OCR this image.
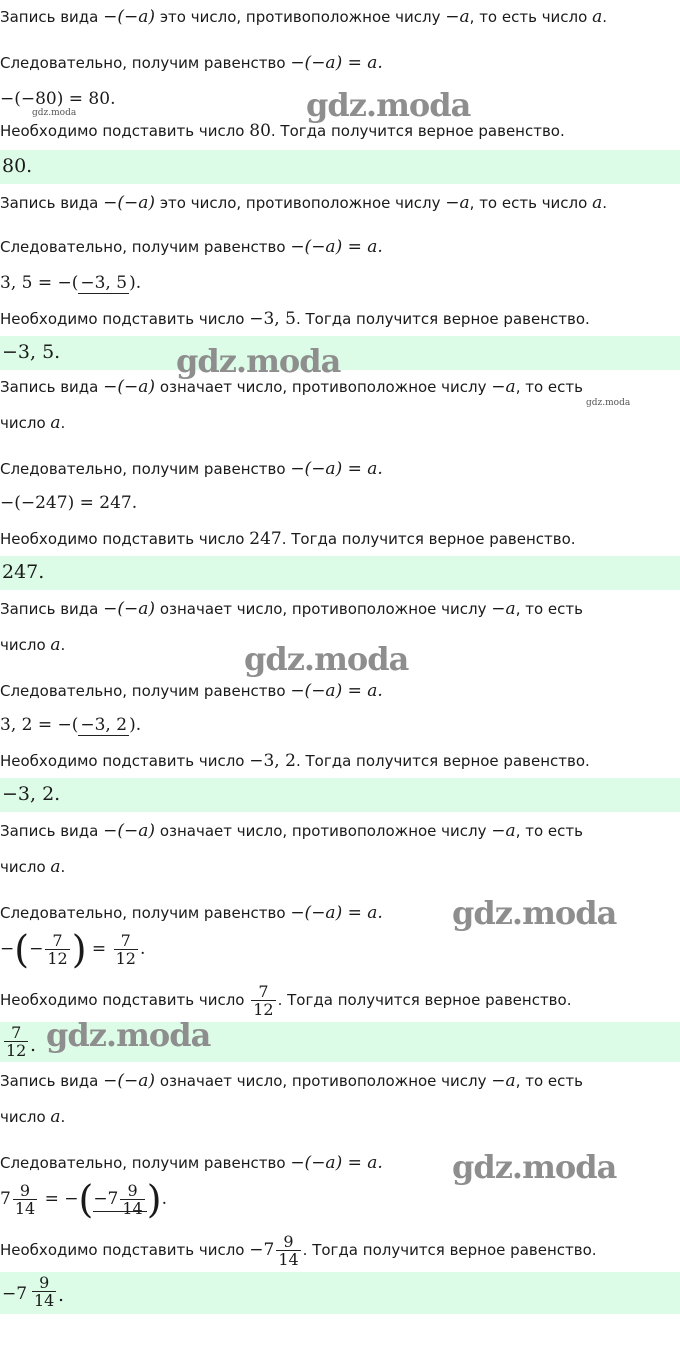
Запись вида −(−a) это число, противоположное числу −a, то есть число a.
Следовательно, получим равенство −(−a) = a.
−(−80) = 80.
Необходимо подставить число 80. Тогда получится верное равенство.
80.
Запись вида −(−a) это число, противоположное числу −a, то есть число a.
Следовательно, получим равенство −(−a) = a.
3, 5 = −( −3, 5 ).
Необходимо подставить число −3, 5. Тогда получится верное равенство.
−3, 5.
Запись вида −(−a) означает число, противоположное числу −a, то есть
число a.
Следовательно, получим равенство −(−a) = a.
−(−247) = 247.
Необходимо подставить число 247. Тогда получится верное равенство.
247.
Запись вида −(−a) означает число, противоположное числу −a, то есть
число a.
Следовательно, получим равенство −(−a) = a.
3, 2 = −( −3, 2 ).
Необходимо подставить число −3, 2. Тогда получится верное равенство.
−3, 2.
Запись вида −(−a) означает число, противоположное числу −a, то есть
число a.
Следовательно, получим равенство −(−a) = a.
−(− $\frac{7}{12}$ ) = $\frac{7}{12}$ .
Необходимо подставить число $\frac{7}{12}$ . Тогда получится верное равенство.
$\frac{7}{12}$ .
Запись вида −(−a) означает число, противоположное числу −a, то есть
число a.
Следовательно, получим равенство −(−a) = a.
$7 \frac{9}{14} = -(-7 \frac{9}{14}$ ).
Необходимо подставить число $-7 \frac{9}{14}$ . Тогда получится верное равенство.
$-7 \frac{9}{14}$ .
gdz.moda
gdz.moda
gdz.moda
gdz.moda
gdz.moda
gdz.moda
gdz.moda
gdz.moda
